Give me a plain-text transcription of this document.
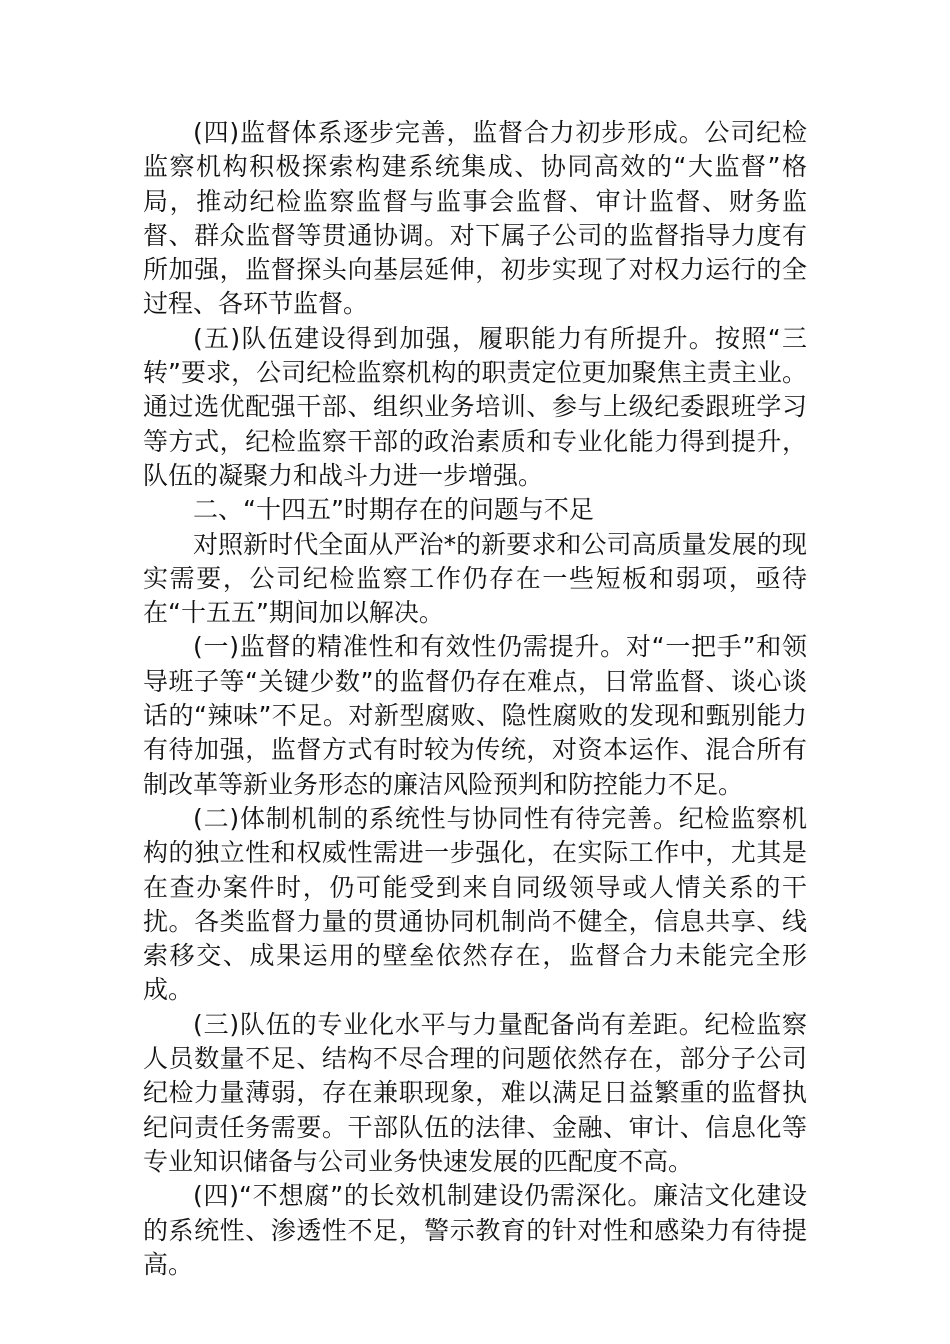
(四)监督体系逐步完善，监督合力初步形成。公司纪检监察机构积极探索构建系统集成、协同高效的“大监督”格局，推动纪检监察监督与监事会监督、审计监督、财务监督、群众监督等贯通协调。对下属子公司的监督指导力度有所加强，监督探头向基层延伸，初步实现了对权力运行的全过程、各环节监督。

(五)队伍建设得到加强，履职能力有所提升。按照“三转”要求，公司纪检监察机构的职责定位更加聚焦主责主业。通过选优配强干部、组织业务培训、参与上级纪委跟班学习等方式，纪检监察干部的政治素质和专业化能力得到提升，队伍的凝聚力和战斗力进一步增强。

二、“十四五”时期存在的问题与不足

对照新时代全面从严治*的新要求和公司高质量发展的现实需要，公司纪检监察工作仍存在一些短板和弱项，亟待在“十五五”期间加以解决。

(一)监督的精准性和有效性仍需提升。对“一把手”和领导班子等“关键少数”的监督仍存在难点，日常监督、谈心谈话的“辣味”不足。对新型腐败、隐性腐败的发现和甄别能力有待加强，监督方式有时较为传统，对资本运作、混合所有制改革等新业务形态的廉洁风险预判和防控能力不足。

(二)体制机制的系统性与协同性有待完善。纪检监察机构的独立性和权威性需进一步强化，在实际工作中，尤其是在查办案件时，仍可能受到来自同级领导或人情关系的干扰。各类监督力量的贯通协同机制尚不健全，信息共享、线索移交、成果运用的壁垒依然存在，监督合力未能完全形成。

(三)队伍的专业化水平与力量配备尚有差距。纪检监察人员数量不足、结构不尽合理的问题依然存在，部分子公司纪检力量薄弱，存在兼职现象，难以满足日益繁重的监督执纪问责任务需要。干部队伍的法律、金融、审计、信息化等专业知识储备与公司业务快速发展的匹配度不高。

(四)“不想腐”的长效机制建设仍需深化。廉洁文化建设的系统性、渗透性不足，警示教育的针对性和感染力有待提高。
